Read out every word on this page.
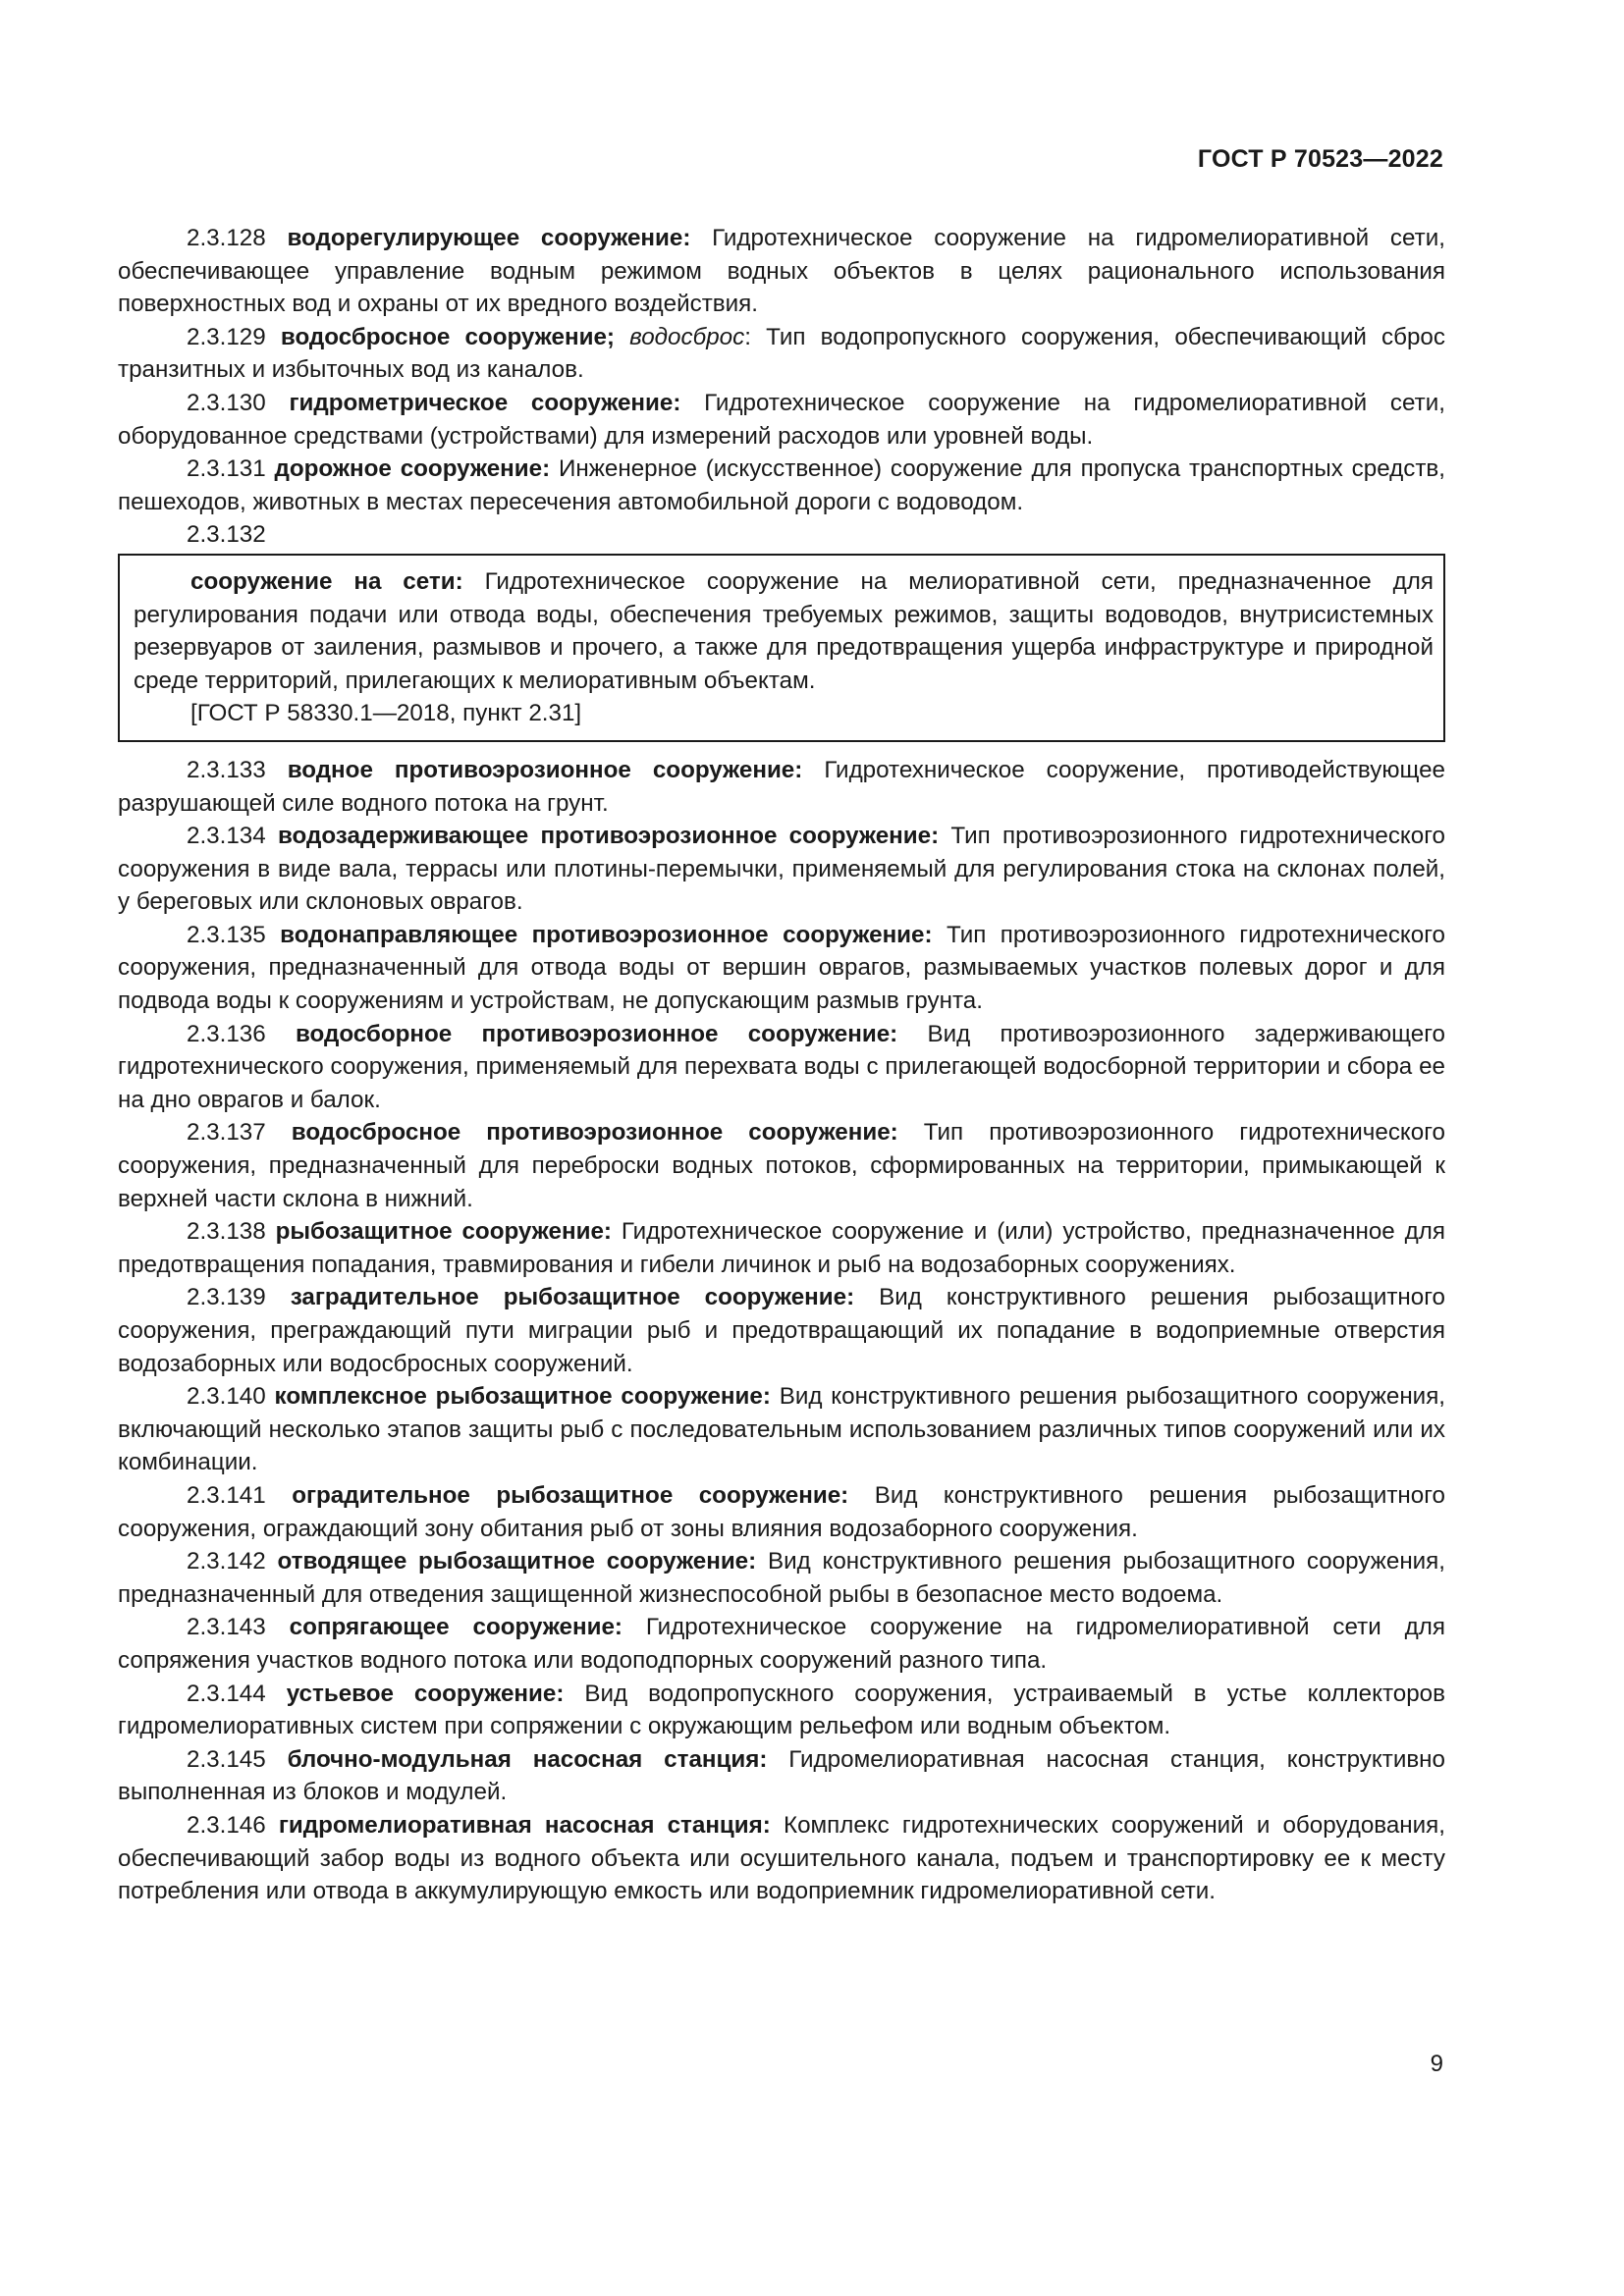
ГОСТ Р 70523—2022

2.3.128 водорегулирующее сооружение: Гидротехническое сооружение на гидромелиоративной сети, обеспечивающее управление водным режимом водных объектов в целях рационального использования поверхностных вод и охраны от их вредного воздействия.

2.3.129 водосбросное сооружение; водосброс: Тип водопропускного сооружения, обеспечивающий сброс транзитных и избыточных вод из каналов.

2.3.130 гидрометрическое сооружение: Гидротехническое сооружение на гидромелиоративной сети, оборудованное средствами (устройствами) для измерений расходов или уровней воды.

2.3.131 дорожное сооружение: Инженерное (искусственное) сооружение для пропуска транспортных средств, пешеходов, животных в местах пересечения автомобильной дороги с водоводом.

2.3.132

сооружение на сети: Гидротехническое сооружение на мелиоративной сети, предназначенное для регулирования подачи или отвода воды, обеспечения требуемых режимов, защиты водоводов, внутрисистемных резервуаров от заиления, размывов и прочего, а также для предотвращения ущерба инфраструктуре и природной среде территорий, прилегающих к мелиоративным объектам.

[ГОСТ Р 58330.1—2018, пункт 2.31]

2.3.133 водное противоэрозионное сооружение: Гидротехническое сооружение, противодействующее разрушающей силе водного потока на грунт.

2.3.134 водозадерживающее противоэрозионное сооружение: Тип противоэрозионного гидротехнического сооружения в виде вала, террасы или плотины-перемычки, применяемый для регулирования стока на склонах полей, у береговых или склоновых оврагов.

2.3.135 водонаправляющее противоэрозионное сооружение: Тип противоэрозионного гидротехнического сооружения, предназначенный для отвода воды от вершин оврагов, размываемых участков полевых дорог и для подвода воды к сооружениям и устройствам, не допускающим размыв грунта.

2.3.136 водосборное противоэрозионное сооружение: Вид противоэрозионного задерживающего гидротехнического сооружения, применяемый для перехвата воды с прилегающей водосборной территории и сбора ее на дно оврагов и балок.

2.3.137 водосбросное противоэрозионное сооружение: Тип противоэрозионного гидротехнического сооружения, предназначенный для переброски водных потоков, сформированных на территории, примыкающей к верхней части склона в нижний.

2.3.138 рыбозащитное сооружение: Гидротехническое сооружение и (или) устройство, предназначенное для предотвращения попадания, травмирования и гибели личинок и рыб на водозаборных сооружениях.

2.3.139 заградительное рыбозащитное сооружение: Вид конструктивного решения рыбозащитного сооружения, преграждающий пути миграции рыб и предотвращающий их попадание в водоприемные отверстия водозаборных или водосбросных сооружений.

2.3.140 комплексное рыбозащитное сооружение: Вид конструктивного решения рыбозащитного сооружения, включающий несколько этапов защиты рыб с последовательным использованием различных типов сооружений или их комбинации.

2.3.141 оградительное рыбозащитное сооружение: Вид конструктивного решения рыбозащитного сооружения, ограждающий зону обитания рыб от зоны влияния водозаборного сооружения.

2.3.142 отводящее рыбозащитное сооружение: Вид конструктивного решения рыбозащитного сооружения, предназначенный для отведения защищенной жизнеспособной рыбы в безопасное место водоема.

2.3.143 сопрягающее сооружение: Гидротехническое сооружение на гидромелиоративной сети для сопряжения участков водного потока или водоподпорных сооружений разного типа.

2.3.144 устьевое сооружение: Вид водопропускного сооружения, устраиваемый в устье коллекторов гидромелиоративных систем при сопряжении с окружающим рельефом или водным объектом.

2.3.145 блочно-модульная насосная станция: Гидромелиоративная насосная станция, конструктивно выполненная из блоков и модулей.

2.3.146 гидромелиоративная насосная станция: Комплекс гидротехнических сооружений и оборудования, обеспечивающий забор воды из водного объекта или осушительного канала, подъем и транспортировку ее к месту потребления или отвода в аккумулирующую емкость или водоприемник гидромелиоративной сети.

9
